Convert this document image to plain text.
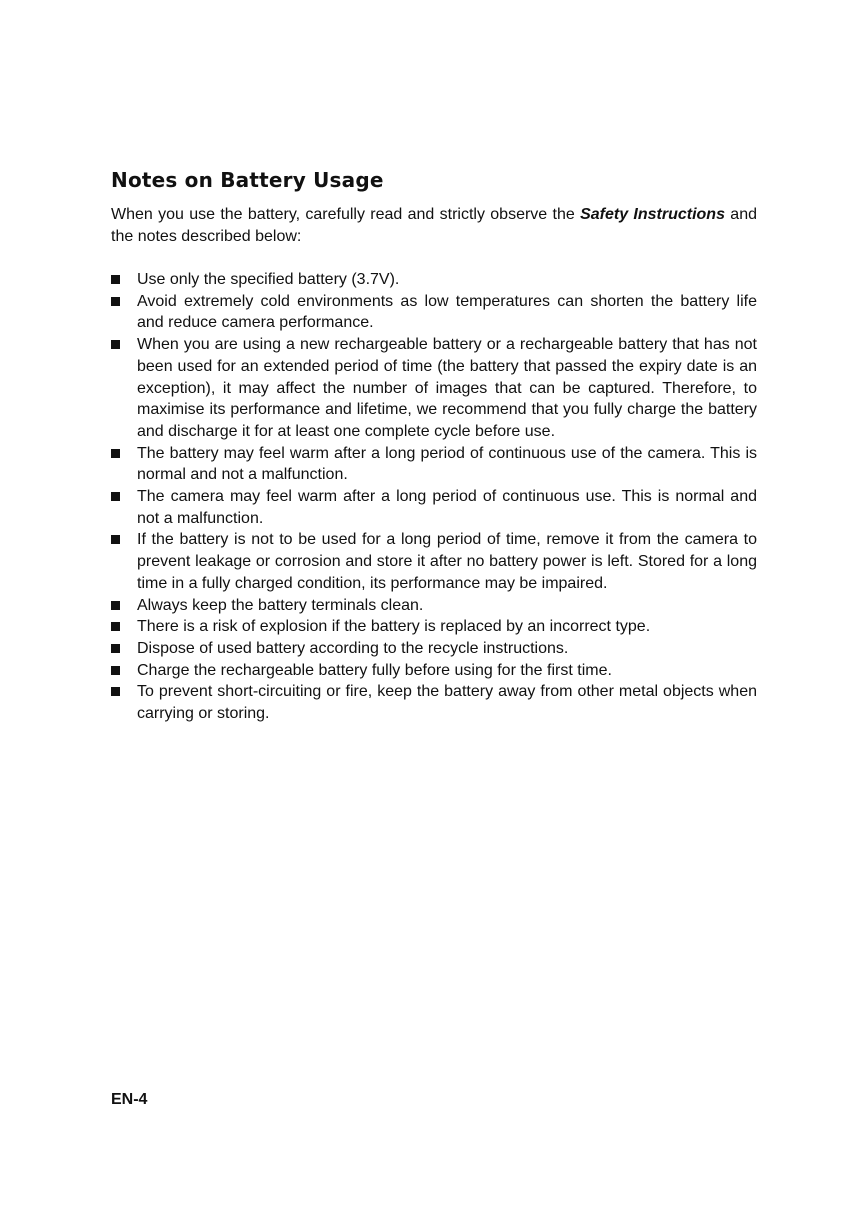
Notes on Battery Usage

When you use the battery, carefully read and strictly observe the Safety Instructions and the notes described below:

Use only the specified battery (3.7V).
Avoid extremely cold environments as low temperatures can shorten the battery life and reduce camera performance.
When you are using a new rechargeable battery or a rechargeable battery that has not been used for an extended period of time (the battery that passed the expiry date is an exception), it may affect the number of images that can be captured. Therefore, to maximise its performance and lifetime, we recommend that you fully charge the battery and discharge it for at least one complete cycle before use.
The battery may feel warm after a long period of continuous use of the camera. This is normal and not a malfunction.
The camera may feel warm after a long period of continuous use. This is normal and not a malfunction.
If the battery is not to be used for a long period of time, remove it from the camera to prevent leakage or corrosion and store it after no battery power is left. Stored for a long time in a fully charged condition, its performance may be impaired.
Always keep the battery terminals clean.
There is a risk of explosion if the battery is replaced by an incorrect type.
Dispose of used battery according to the recycle instructions.
Charge the rechargeable battery fully before using for the first time.
To prevent short-circuiting or fire, keep the battery away from other metal objects when carrying or storing.
EN-4
